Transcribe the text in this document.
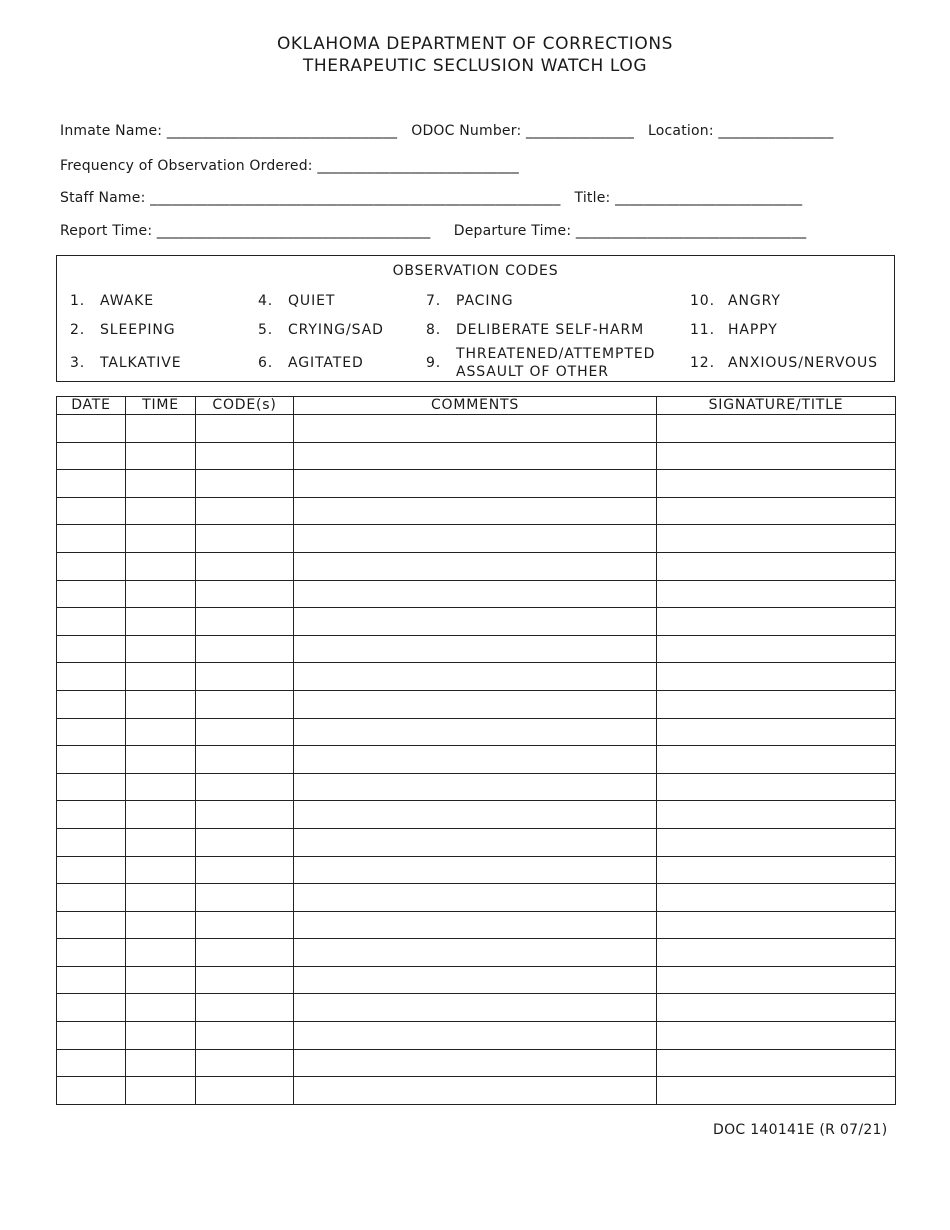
OKLAHOMA DEPARTMENT OF CORRECTIONS
THERAPEUTIC SECLUSION WATCH LOG
Inmate Name: ________________________________ ODOC Number: _______________ Location: ________________
Frequency of Observation Ordered: ____________________________
Staff Name: _________________________________________________________ Title: __________________________
Report Time: ______________________________________ Departure Time: ________________________________
OBSERVATION CODES
1. AWAKE
2. SLEEPING
3. TALKATIVE
4. QUIET
5. CRYING/SAD
6. AGITATED
7. PACING
8. DELIBERATE SELF-HARM
9.
THREATENED/ATTEMPTED
ASSAULT OF OTHER
10. ANGRY
11. HAPPY
12. ANXIOUS/NERVOUS
DATE	TIME	CODE(s)	COMMENTS	SIGNATURE/TITLE

DOC 140141E (R 07/21)
